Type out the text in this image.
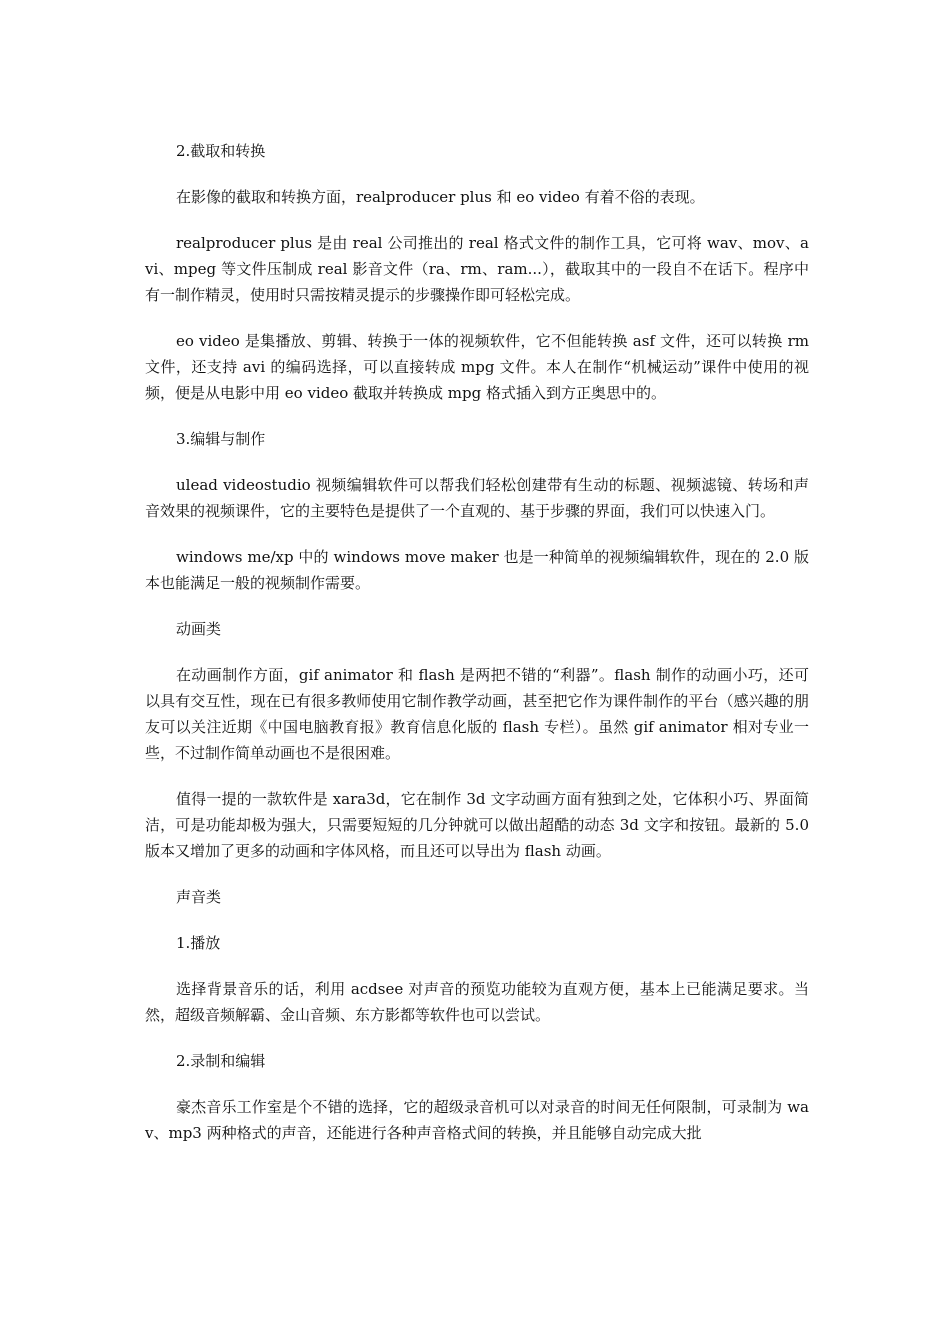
2.截取和转换

在影像的截取和转换方面，realproducer plus 和 eo video 有着不俗的表现。

realproducer plus 是由 real 公司推出的 real 格式文件的制作工具，它可将 wav、mov、avi、mpeg 等文件压制成 real 影音文件（ra、rm、ram...），截取其中的一段自不在话下。程序中有一制作精灵，使用时只需按精灵提示的步骤操作即可轻松完成。

eo video 是集播放、剪辑、转换于一体的视频软件，它不但能转换 asf 文件，还可以转换 rm 文件，还支持 avi 的编码选择，可以直接转成 mpg 文件。本人在制作“机械运动”课件中使用的视频，便是从电影中用 eo video 截取并转换成 mpg 格式插入到方正奥思中的。

3.编辑与制作

ulead videostudio 视频编辑软件可以帮我们轻松创建带有生动的标题、视频滤镜、转场和声音效果的视频课件，它的主要特色是提供了一个直观的、基于步骤的界面，我们可以快速入门。

windows me/xp 中的 windows move maker 也是一种简单的视频编辑软件，现在的 2.0 版本也能满足一般的视频制作需要。

动画类

在动画制作方面，gif animator 和 flash 是两把不错的“利器”。flash 制作的动画小巧，还可以具有交互性，现在已有很多教师使用它制作教学动画，甚至把它作为课件制作的平台（感兴趣的朋友可以关注近期《中国电脑教育报》教育信息化版的 flash 专栏）。虽然 gif animator 相对专业一些，不过制作简单动画也不是很困难。

值得一提的一款软件是 xara3d，它在制作 3d 文字动画方面有独到之处，它体积小巧、界面简洁，可是功能却极为强大，只需要短短的几分钟就可以做出超酷的动态 3d 文字和按钮。最新的 5.0 版本又增加了更多的动画和字体风格，而且还可以导出为 flash 动画。

声音类

1.播放

选择背景音乐的话，利用 acdsee 对声音的预览功能较为直观方便，基本上已能满足要求。当然，超级音频解霸、金山音频、东方影都等软件也可以尝试。

2.录制和编辑

豪杰音乐工作室是个不错的选择，它的超级录音机可以对录音的时间无任何限制，可录制为 wav、mp3 两种格式的声音，还能进行各种声音格式间的转换，并且能够自动完成大批
